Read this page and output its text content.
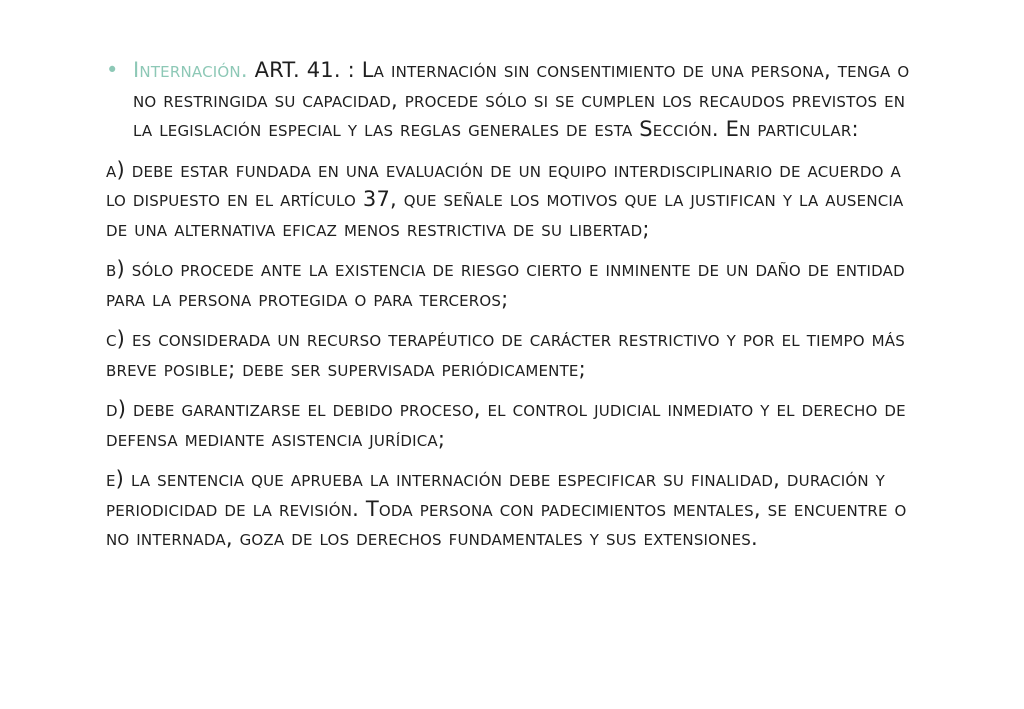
• Internación. ART. 41. : La internación sin consentimiento de una persona, tenga o no restringida su capacidad, procede sólo si se cumplen los recaudos previstos en la legislación especial y las reglas generales de esta Sección. En particular:

a) debe estar fundada en una evaluación de un equipo interdisciplinario de acuerdo a lo dispuesto en el artículo 37, que señale los motivos que la justifican y la ausencia de una alternativa eficaz menos restrictiva de su libertad;

b) sólo procede ante la existencia de riesgo cierto e inminente de un daño de entidad para la persona protegida o para terceros;

c) es considerada un recurso terapéutico de carácter restrictivo y por el tiempo más breve posible; debe ser supervisada periódicamente;

d) debe garantizarse el debido proceso, el control judicial inmediato y el derecho de defensa mediante asistencia jurídica;

e) la sentencia que aprueba la internación debe especificar su finalidad, duración y periodicidad de la revisión. Toda persona con padecimientos mentales, se encuentre o no internada, goza de los derechos fundamentales y sus extensiones.
